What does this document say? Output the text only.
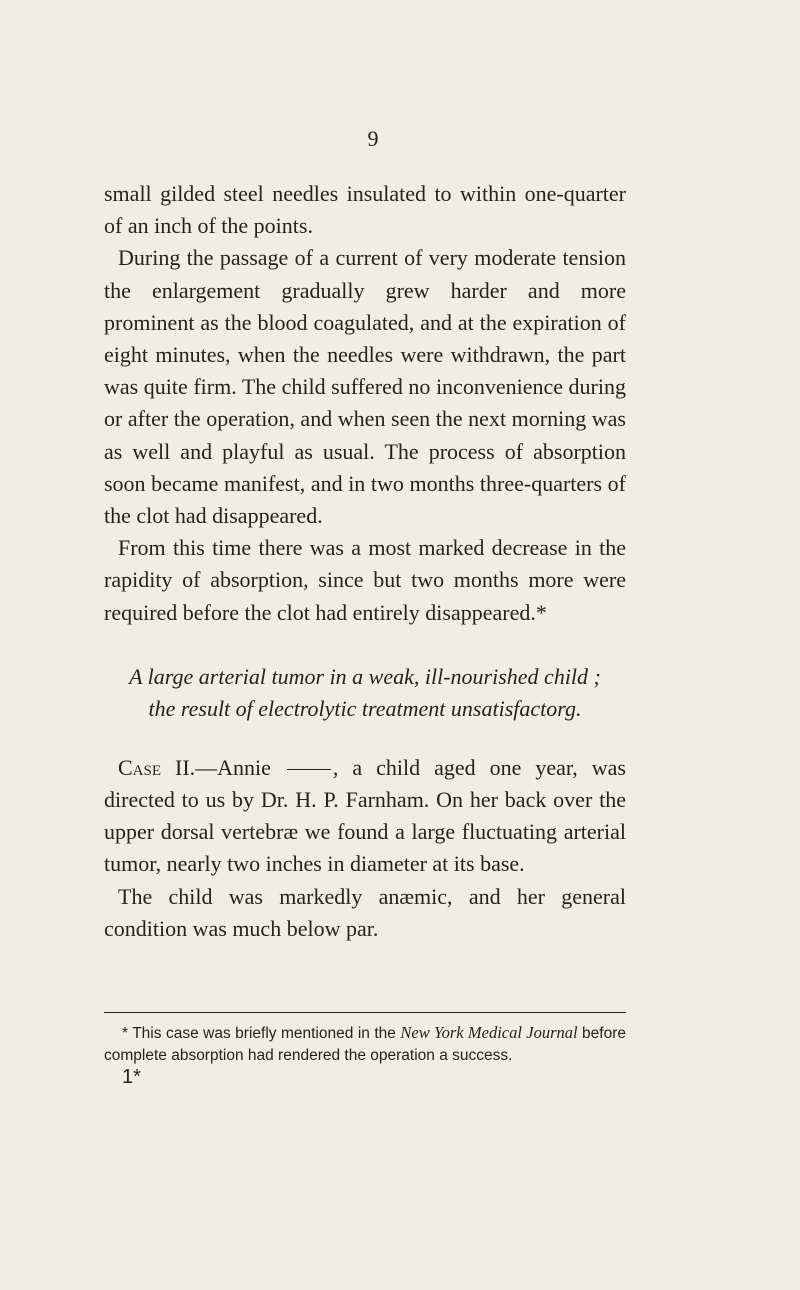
9

small gilded steel needles insulated to within one-quarter of an inch of the points.

During the passage of a current of very moderate tension the enlargement gradually grew harder and more prominent as the blood coagulated, and at the expiration of eight minutes, when the needles were withdrawn, the part was quite firm. The child suffered no inconvenience during or after the operation, and when seen the next morning was as well and playful as usual. The process of absorption soon became manifest, and in two months three-quarters of the clot had disappeared.

From this time there was a most marked decrease in the rapidity of absorption, since but two months more were required before the clot had entirely disappeared.*

A large arterial tumor in a weak, ill-nourished child ;
the result of electrolytic treatment unsatisfactorg.

Case II.—Annie	, a child aged one year, was directed to us by Dr. H. P. Farnham. On her back over the upper dorsal vertebræ we found a large fluctuating arterial tumor, nearly two inches in diameter at its base.

The child was markedly anæmic, and her general condition was much below par.

* This case was briefly mentioned in the New York Medical Journal before complete absorption had rendered the operation a success.
1*
